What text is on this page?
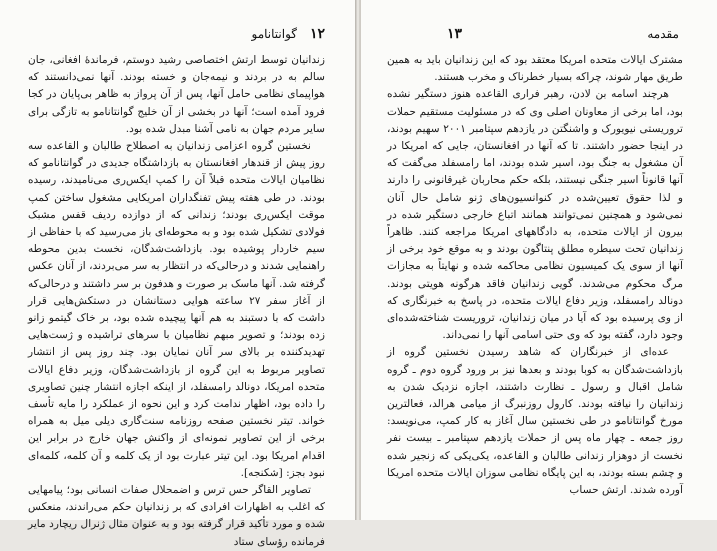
۱۲
گوانتانامو

زندانیان توسط ارتش اختصاصی رشید دوستم، فرماندهٔ افغانی، جان سالم به در بردند و نیمه‌جان و خسته بودند. آنها نمی‌دانستند که هواپیمای نظامی حامل آنها، پس از آن پرواز به ظاهر بی‌پایان در کجا فرود آمده است؛ آنها در بخشی از آن خلیج گوانتانامو به تازگی برای سایر مردم جهان به نامی آشنا مبدل شده بود.

نخستین گروه اعزامی زندانیان به اصطلاح طالبان و القاعده سه روز پیش از قندهار افغانستان به بازداشتگاه جدیدی در گوانتانامو که نظامیان ایالات متحده قبلاً آن را کمپ ایکس‌ری می‌نامیدند، رسیده بودند. در طی هفته پیش تفنگداران امریکایی مشغول ساختن کمپ موقت ایکس‌ری بودند؛ زندانی که از دوازده ردیف قفس مشبک فولادی تشکیل شده بود و به محوطه‌ای باز می‌رسید که با حفاظی از سیم خاردار پوشیده بود. بازداشت‌شدگان، نخست بدین محوطه راهنمایی شدند و درحالی‌که در انتظار به سر می‌بردند، از آنان عکس گرفته شد. آنها ماسک بر صورت و هدفون بر سر داشتند و درحالی‌که از آغاز سفر ۲۷ ساعته هوایی دستانشان در دستکش‌هایی قرار داشت که با دستبند به هم آنها پیچیده شده بود، بر خاک گیتمو زانو زده بودند؛ و تصویر مبهم نظامیان با سرهای تراشیده و ژست‌هایی تهدیدکننده بر بالای سر آنان نمایان بود. چند روز پس از انتشار تصاویر مربوط به این گروه از بازداشت‌شدگان، وزیر دفاع ایالات متحده امریکا، دونالد رامسفلد، از اینکه اجازه انتشار چنین تصاویری را داده بود، اظهار ندامت کرد و این نحوه از عملکرد را مایه تأسف خواند. تیتر نخستین صفحه روزنامه سنت‌گاری دیلی میل به همراه برخی از این تصاویر نمونه‌ای از واکنش جهان خارج در برابر این اقدام امریکا بود. این تیتر عبارت بود از یک کلمه و آن کلمه، کلمه‌ای نبود بجز: [شکنجه].

تصاویر القاگر حس ترس و اضمحلال صفات انسانی بود؛ پیامهایی که اغلب به اظهارات افرادی که بر زندانیان حکم می‌راندند، منعکس شده و مورد تأکید قرار گرفته بود و به عنوان مثال ژنرال ریچارد مایر فرمانده رؤسای ستاد

مقدمه
۱۳

مشترک ایالات متحده امریکا معتقد بود که این زندانیان باید به همین طریق مهار شوند، چراکه بسیار خطرناک و مخرب هستند.

هرچند اسامه بن لادن، رهبر فراری القاعده هنوز دستگیر نشده بود، اما برخی از معاونان اصلی وی که در مسئولیت مستقیم حملات تروریستی نیویورک و واشنگتن در یازدهم سپتامبر ۲۰۰۱ سهیم بودند، در اینجا حضور داشتند. تا که آنها در افغانستان، جایی که امریکا در آن مشغول به جنگ بود، اسیر شده بودند، اما رامسفلد می‌گفت که آنها قانوناً اسیر جنگی نیستند، بلکه حکم محاربان غیرقانونی را دارند و لذا حقوق تعیین‌شده در کنوانسیون‌های ژنو شامل حال آنان نمی‌شود و همچنین نمی‌توانند همانند اتباع خارجی دستگیر شده در بیرون از ایالات متحده، به دادگاههای امریکا مراجعه کنند. ظاهراً زندانیان تحت سیطره مطلق پنتاگون بودند و به موقع خود برخی از آنها از سوی یک کمیسیون نظامی محاکمه شده و نهایتاً به مجازات مرگ محکوم می‌شدند. گویی زندانیان فاقد هرگونه هویتی بودند. دونالد رامسفلد، وزیر دفاع ایالات متحده، در پاسخ به خبرنگاری که از وی پرسیده بود که آیا در میان زندانیان، تروریست شناخته‌شده‌ای وجود دارد، گفته بود که وی حتی اسامی آنها را نمی‌داند.

عده‌ای از خبرنگاران که شاهد رسیدن نخستین گروه از بازداشت‌شدگان به کوبا بودند و بعدها نیز بر ورود گروه دوم ـ گروه شامل اقبال و رسول ـ نظارت داشتند، اجازه نزدیک شدن به زندانیان را نیافته بودند. کارول روزنبرگ از میامی هرالد، فعالترین مورخ گوانتانامو در طی نخستین سال آغاز به کار کمپ، می‌نویسد: روز جمعه ـ چهار ماه پس از حملات یازدهم سپتامبر ـ بیست نفر نخست از دوهزار زندانی طالبان و القاعده، یکی‌یکی که زنجیر شده و چشم بسته بودند، به این پایگاه نظامی سوزان ایالات متحده امریکا آورده شدند. ارتش حساب
